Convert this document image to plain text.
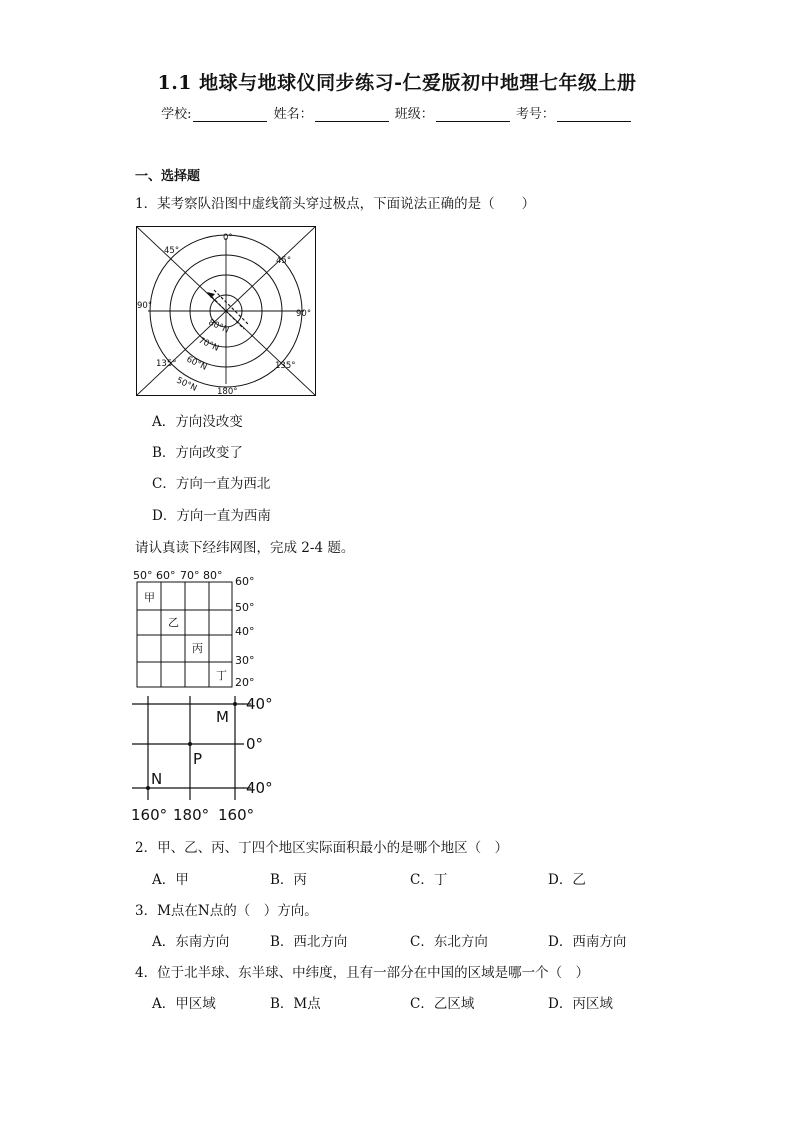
1.1 地球与地球仪同步练习-仁爱版初中地理七年级上册
学校:	姓名：	班级：	考号：
一、选择题
1．某考察队沿图中虚线箭头穿过极点，下面说法正确的是（　　）
0°
45°
45°
90°
90°
135°	135°
180°
80°N
70°N
60°N
50°N
A．方向没改变
B．方向改变了
C．方向一直为西北
D．方向一直为西南
请认真读下经纬网图，完成 2-4 题。
50° 60° 70° 80° 60°
50°
40°
30°
20°
甲
乙
丙
丁
M
P
N
40°
0°
40°
160° 180° 160°
2．甲、乙、丙、丁四个地区实际面积最小的是哪个地区（　）
A．甲	B．丙	C．丁	D．乙
3．M点在N点的（　）方向。
A．东南方向	B．西北方向	C．东北方向	D．西南方向
4．位于北半球、东半球、中纬度，且有一部分在中国的区域是哪一个（　）
A．甲区域	B．M点	C．乙区域	D．丙区域
